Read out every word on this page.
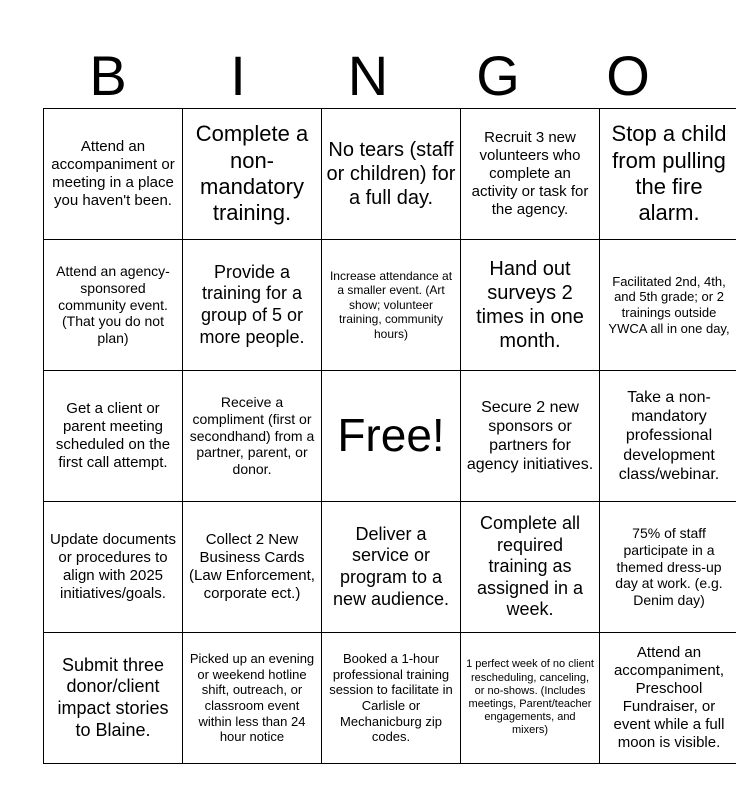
B	I	N	G	O
Attend an accompaniment or meeting in a place you haven't been.	Complete a non-mandatory training.	No tears (staff or children) for a full day.	Recruit 3 new volunteers who complete an activity or task for the agency.	Stop a child from pulling the fire alarm.

Attend an agency-sponsored community event. (That you do not plan)	Provide a training for a group of 5 or more people.	Increase attendance at a smaller event. (Art show; volunteer training, community hours)	Hand out surveys 2 times in one month.	Facilitated 2nd, 4th, and 5th grade; or 2 trainings outside YWCA all in one day,

Get a client or parent meeting scheduled on the first call attempt.	Receive a compliment (first or secondhand) from a partner, parent, or donor.	Free!	Secure 2 new sponsors or partners for agency initiatives.	Take a non-mandatory professional development class/webinar.

Update documents or procedures to align with 2025 initiatives/goals.	Collect 2 New Business Cards (Law Enforcement, corporate ect.)	Deliver a service or program to a new audience.	Complete all required training as assigned in a week.	75% of staff participate in a themed dress-up day at work. (e.g. Denim day)

Submit three donor/client impact stories to Blaine.	Picked up an evening or weekend hotline shift, outreach, or classroom event within less than 24 hour notice	Booked a 1-hour professional training session to facilitate in Carlisle or Mechanicburg zip codes.	1 perfect week of no client rescheduling, canceling, or no-shows. (Includes meetings, Parent/teacher engagements, and mixers)	Attend an accompaniment, Preschool Fundraiser, or event while a full moon is visible.
